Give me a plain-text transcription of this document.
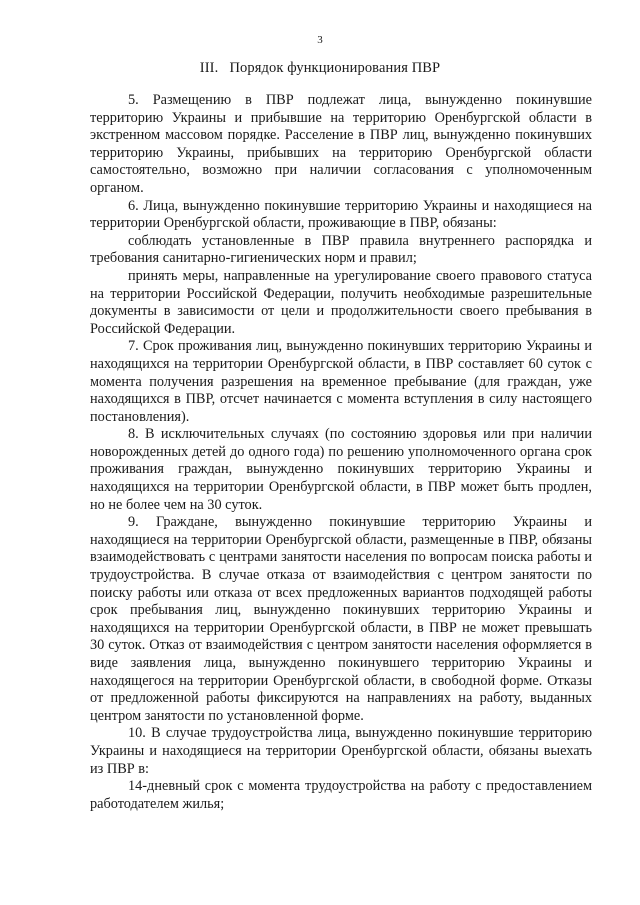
3
III.   Порядок функционирования ПВР

5. Размещению в ПВР подлежат лица, вынужденно покинувшие территорию Украины и прибывшие на территорию Оренбургской области в экстренном массовом порядке. Расселение в ПВР лиц, вынужденно покинувших территорию Украины, прибывших на территорию Оренбургской области самостоятельно, возможно при наличии согласования с уполномоченным органом.

6. Лица, вынужденно покинувшие территорию Украины и находящиеся на территории Оренбургской области, проживающие в ПВР, обязаны:

соблюдать установленные в ПВР правила внутреннего распорядка и требования санитарно-гигиенических норм и правил;

принять меры, направленные на урегулирование своего правового статуса на территории Российской Федерации, получить необходимые разрешительные документы в зависимости от цели и продолжительности своего пребывания в Российской Федерации.

7. Срок проживания лиц, вынужденно покинувших территорию Украины и находящихся на территории Оренбургской области, в ПВР составляет 60 суток с момента получения разрешения на временное пребывание (для граждан, уже находящихся в ПВР, отсчет начинается с момента вступления в силу настоящего постановления).

8. В исключительных случаях (по состоянию здоровья или при наличии новорожденных детей до одного года) по решению уполномоченного органа срок проживания граждан, вынужденно покинувших территорию Украины и находящихся на территории Оренбургской области, в ПВР может быть продлен, но не более чем на 30 суток.

9. Граждане, вынужденно покинувшие территорию Украины и находящиеся на территории Оренбургской области, размещенные в ПВР, обязаны взаимодействовать с центрами занятости населения по вопросам поиска работы и трудоустройства. В случае отказа от взаимодействия с центром занятости по поиску работы или отказа от всех предложенных вариантов подходящей работы срок пребывания лиц, вынужденно покинувших территорию Украины и находящихся на территории Оренбургской области, в ПВР не может превышать 30 суток. Отказ от взаимодействия с центром занятости населения оформляется в виде заявления лица, вынужденно покинувшего территорию Украины и находящегося на территории Оренбургской области, в свободной форме. Отказы от предложенной работы фиксируются на направлениях на работу, выданных центром занятости по установленной форме.

10. В случае трудоустройства лица, вынужденно покинувшие территорию Украины и находящиеся на территории Оренбургской области, обязаны выехать из ПВР в:

14-дневный срок с момента трудоустройства на работу с предоставлением работодателем жилья;
